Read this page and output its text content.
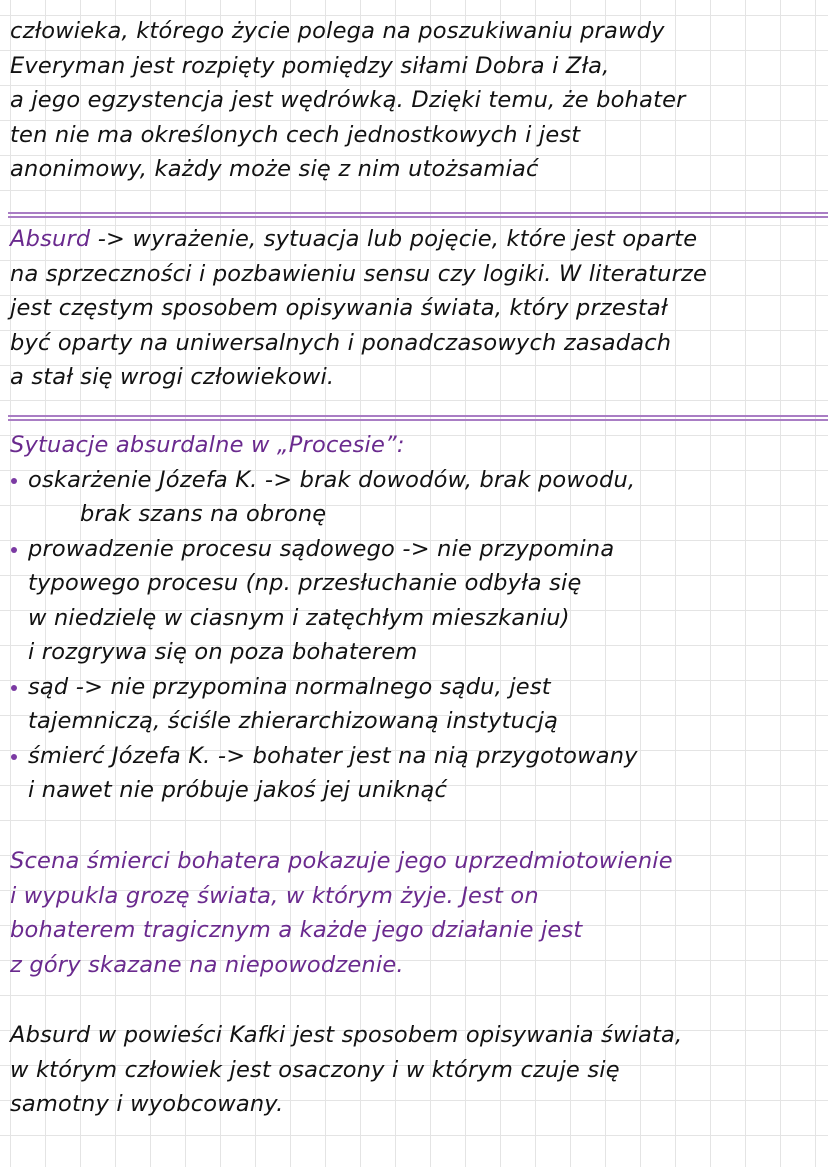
człowieka, którego życie polega na poszukiwaniu prawdy
Everyman jest rozpięty pomiędzy siłami Dobra i Zła,
a jego egzystencja jest wędrówką. Dzięki temu, że bohater
ten nie ma określonych cech jednostkowych i jest
anonimowy, każdy może się z nim utożsamiać
Absurd -> wyrażenie, sytuacja lub pojęcie, które jest oparte
na sprzeczności i pozbawieniu sensu czy logiki. W literaturze
jest częstym sposobem opisywania świata, który przestał
być oparty na uniwersalnych i ponadczasowych zasadach
a stał się wrogi człowiekowi.
Sytuacje absurdalne w „Procesie”:
oskarżenie Józefa K. -> brak dowodów, brak powodu,
brak szans na obronę
prowadzenie procesu sądowego -> nie przypomina
typowego procesu (np. przesłuchanie odbyła się
w niedzielę w ciasnym i zatęchłym mieszkaniu)
i rozgrywa się on poza bohaterem
sąd -> nie przypomina normalnego sądu, jest
tajemniczą, ściśle zhierarchizowaną instytucją
śmierć Józefa K. -> bohater jest na nią przygotowany
i nawet nie próbuje jakoś jej uniknąć
Scena śmierci bohatera pokazuje jego uprzedmiotowienie
i wypukla grozę świata, w którym żyje. Jest on
bohaterem tragicznym a każde jego działanie jest
z góry skazane na niepowodzenie.
Absurd w powieści Kafki jest sposobem opisywania świata,
w którym człowiek jest osaczony i w którym czuje się
samotny i wyobcowany.
